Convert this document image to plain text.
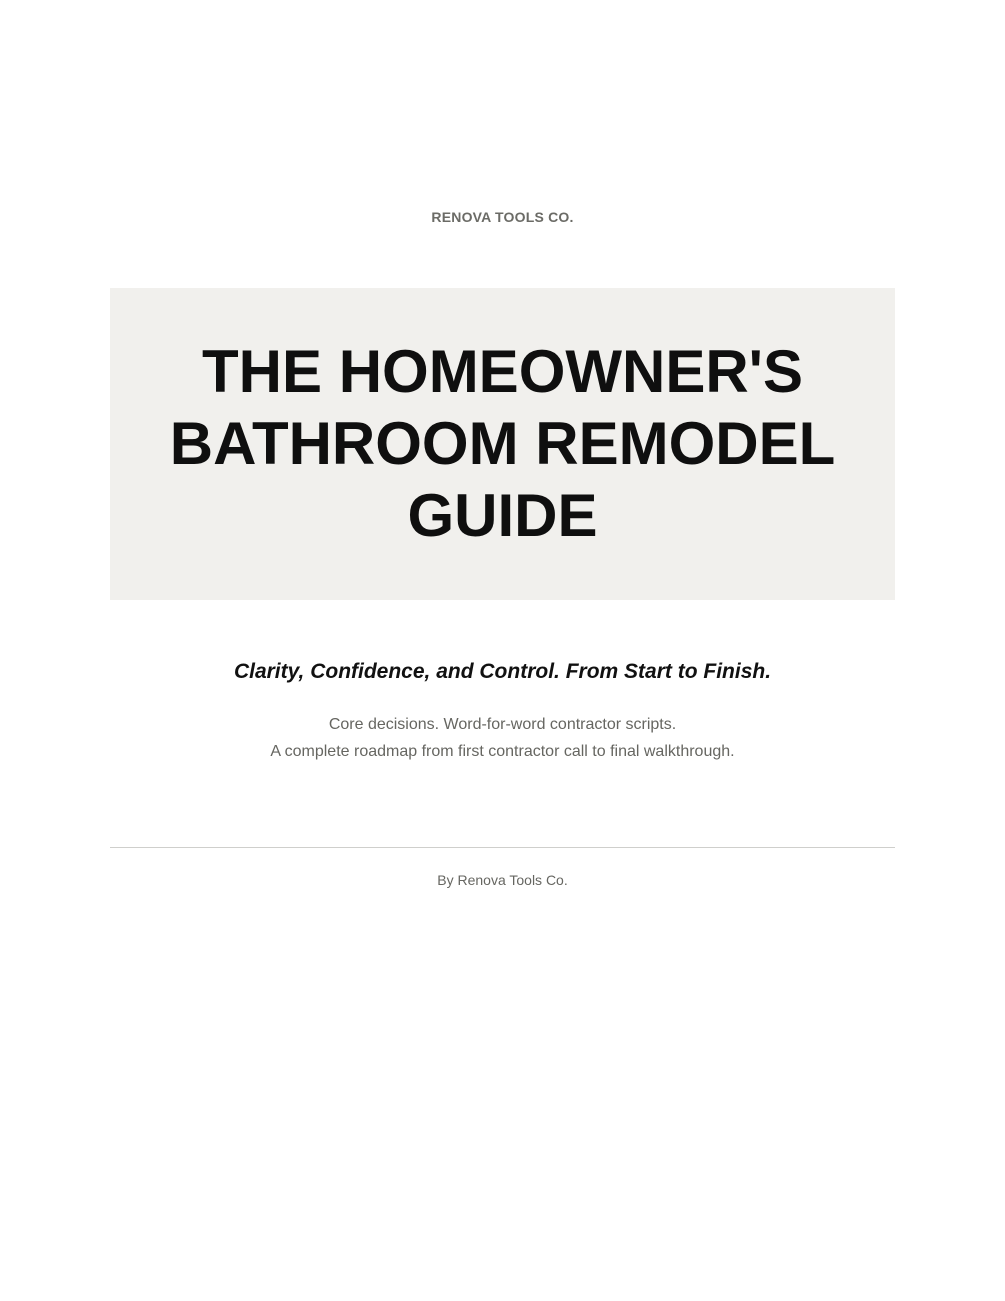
RENOVA TOOLS CO.
THE HOMEOWNER'S
BATHROOM REMODEL
GUIDE
Clarity, Confidence, and Control. From Start to Finish.
Core decisions. Word-for-word contractor scripts.
A complete roadmap from first contractor call to final walkthrough.
By Renova Tools Co.
